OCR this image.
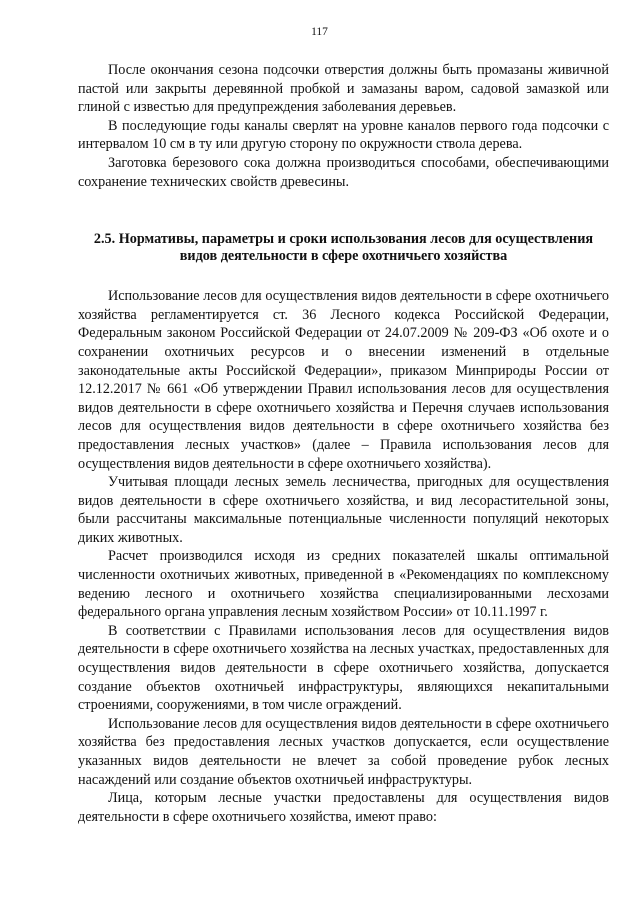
117

После окончания сезона подсочки отверстия должны быть промазаны живичной пастой или закрыты деревянной пробкой и замазаны варом, садовой замазкой или глиной с известью для предупреждения заболевания деревьев.

В последующие годы каналы сверлят на уровне каналов первого года подсочки с интервалом 10 см в ту или другую сторону по окружности ствола дерева.

Заготовка березового сока должна производиться способами, обеспечивающими сохранение технических свойств древесины.

2.5. Нормативы, параметры и сроки использования лесов для осуществления видов деятельности в сфере охотничьего хозяйства

Использование лесов для осуществления видов деятельности в сфере охотничьего хозяйства регламентируется ст. 36 Лесного кодекса Российской Федерации, Федеральным законом Российской Федерации от 24.07.2009 № 209-ФЗ «Об охоте и о сохранении охотничьих ресурсов и о внесении изменений в отдельные законодательные акты Российской Федерации», приказом Минприроды России от 12.12.2017 № 661 «Об утверждении Правил использования лесов для осуществления видов деятельности в сфере охотничьего хозяйства и Перечня случаев использования лесов для осуществления видов деятельности в сфере охотничьего хозяйства без предоставления лесных участков» (далее – Правила использования лесов для осуществления видов деятельности в сфере охотничьего хозяйства).

Учитывая площади лесных земель лесничества, пригодных для осуществления видов деятельности в сфере охотничьего хозяйства, и вид лесорастительной зоны, были рассчитаны максимальные потенциальные численности популяций некоторых диких животных.

Расчет производился исходя из средних показателей шкалы оптимальной численности охотничьих животных, приведенной в «Рекомендациях по комплексному ведению лесного и охотничьего хозяйства специализированными лесхозами федерального органа управления лесным хозяйством России» от 10.11.1997 г.

В соответствии с Правилами использования лесов для осуществления видов деятельности в сфере охотничьего хозяйства на лесных участках, предоставленных для осуществления видов деятельности в сфере охотничьего хозяйства, допускается создание объектов охотничьей инфраструктуры, являющихся некапитальными строениями, сооружениями, в том числе ограждений.

Использование лесов для осуществления видов деятельности в сфере охотничьего хозяйства без предоставления лесных участков допускается, если осуществление указанных видов деятельности не влечет за собой проведение рубок лесных насаждений или создание объектов охотничьей инфраструктуры.

Лица, которым лесные участки предоставлены для осуществления видов деятельности в сфере охотничьего хозяйства, имеют право:
